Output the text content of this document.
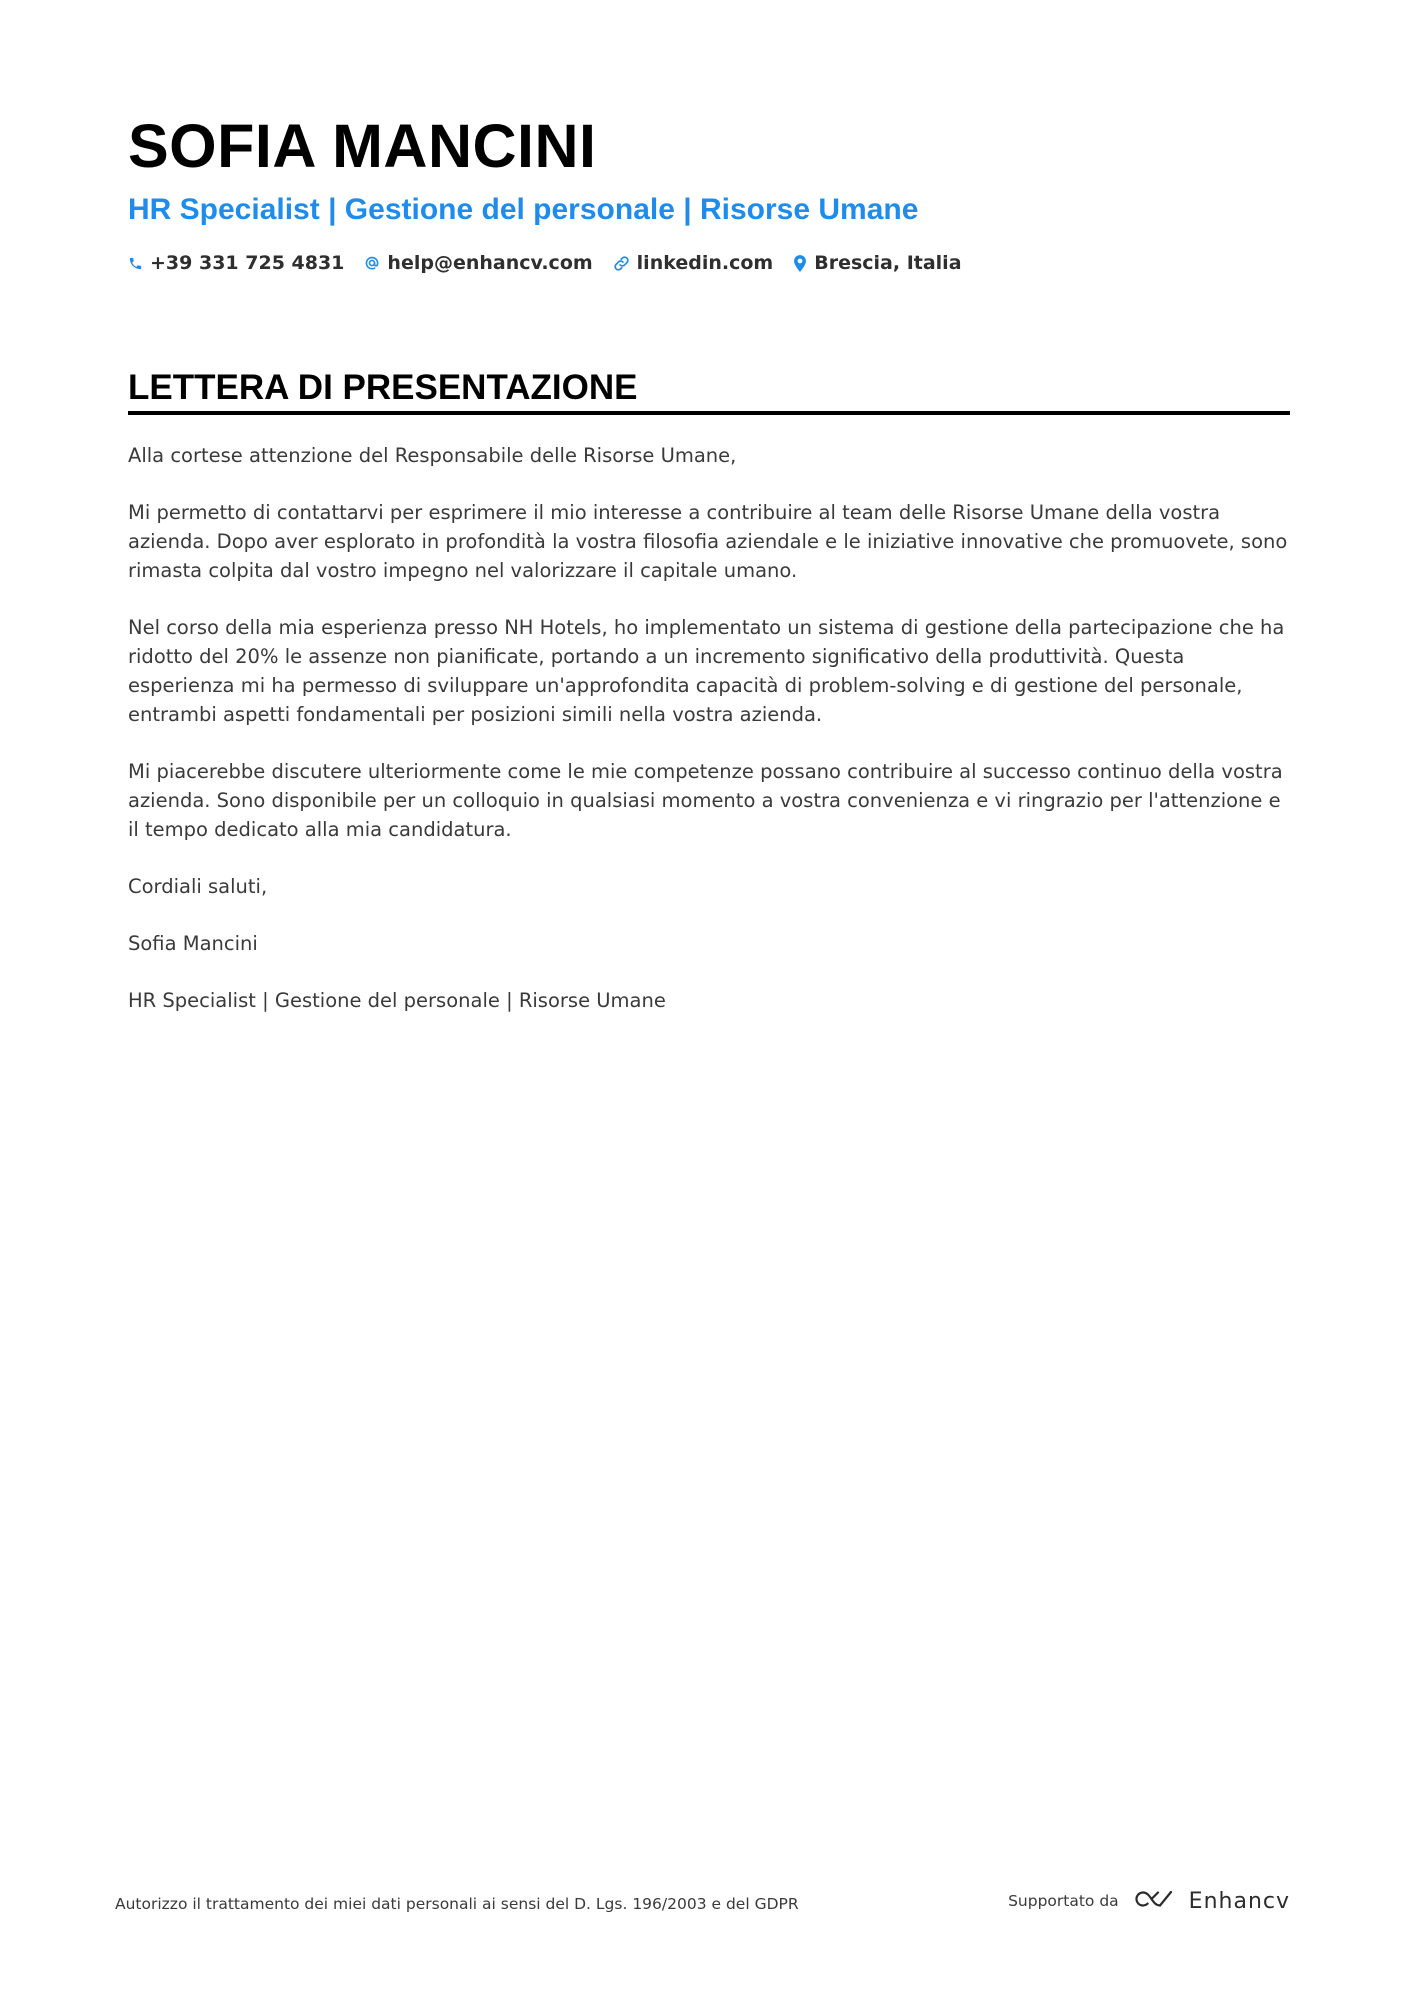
SOFIA MANCINI
HR Specialist | Gestione del personale | Risorse Umane
+39 331 725 4831 help@enhancv.com linkedin.com Brescia, Italia
LETTERA DI PRESENTAZIONE

Alla cortese attenzione del Responsabile delle Risorse Umane,

Mi permetto di contattarvi per esprimere il mio interesse a contribuire al team delle Risorse Umane della vostra azienda. Dopo aver esplorato in profondità la vostra filosofia aziendale e le iniziative innovative che promuovete, sono rimasta colpita dal vostro impegno nel valorizzare il capitale umano.

Nel corso della mia esperienza presso NH Hotels, ho implementato un sistema di gestione della partecipazione che ha ridotto del 20% le assenze non pianificate, portando a un incremento significativo della produttività. Questa esperienza mi ha permesso di sviluppare un'approfondita capacità di problem-solving e di gestione del personale, entrambi aspetti fondamentali per posizioni simili nella vostra azienda.

Mi piacerebbe discutere ulteriormente come le mie competenze possano contribuire al successo continuo della vostra azienda. Sono disponibile per un colloquio in qualsiasi momento a vostra convenienza e vi ringrazio per l'attenzione e il tempo dedicato alla mia candidatura.

Cordiali saluti,

Sofia Mancini

HR Specialist | Gestione del personale | Risorse Umane

Autorizzo il trattamento dei miei dati personali ai sensi del D. Lgs. 196/2003 e del GDPR	Supportato da	Enhancv
